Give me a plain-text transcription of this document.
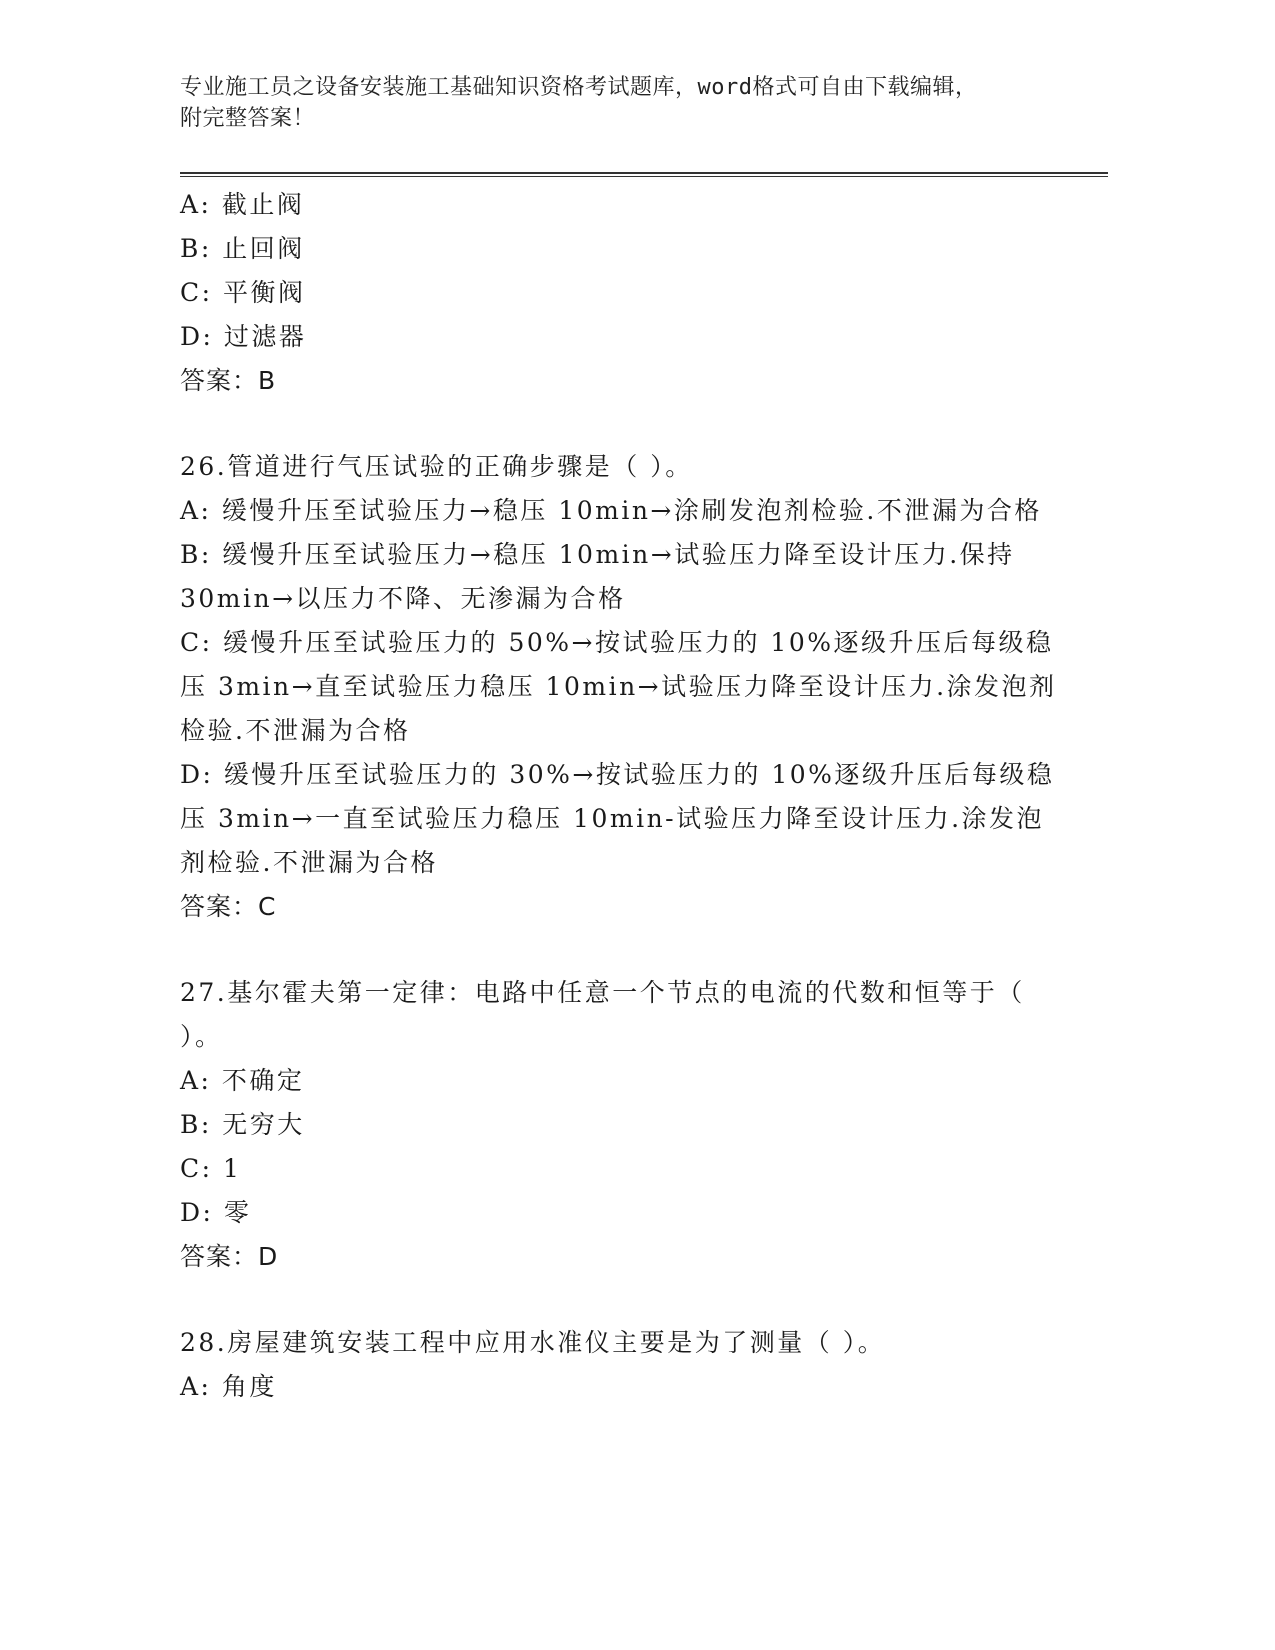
专业施工员之设备安装施工基础知识资格考试题库，word格式可自由下载编辑，
附完整答案！
A: 截止阀
B: 止回阀
C: 平衡阀
D: 过滤器
答案：B
26.管道进行气压试验的正确步骤是（ ）。
A: 缓慢升压至试验压力→稳压 10min→涂刷发泡剂检验.不泄漏为合格
B: 缓慢升压至试验压力→稳压 10min→试验压力降至设计压力.保持
30min→以压力不降、无渗漏为合格
C: 缓慢升压至试验压力的 50%→按试验压力的 10%逐级升压后每级稳
压 3min→直至试验压力稳压 10min→试验压力降至设计压力.涂发泡剂
检验.不泄漏为合格
D: 缓慢升压至试验压力的 30%→按试验压力的 10%逐级升压后每级稳
压 3min→一直至试验压力稳压 10min-试验压力降至设计压力.涂发泡
剂检验.不泄漏为合格
答案：C
27.基尔霍夫第一定律：电路中任意一个节点的电流的代数和恒等于（
）。
A: 不确定
B: 无穷大
C: 1
D: 零
答案：D
28.房屋建筑安装工程中应用水准仪主要是为了测量（ ）。
A: 角度
